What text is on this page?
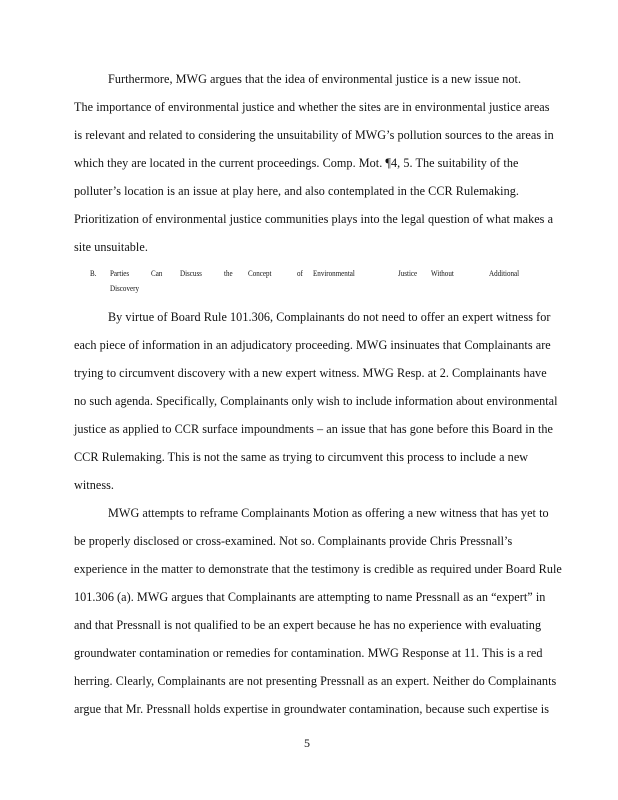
Furthermore, MWG argues that the idea of environmental justice is a new issue not.
The importance of environmental justice and whether the sites are in environmental justice areas
is relevant and related to considering the unsuitability of MWG’s pollution sources to the areas in
which they are located in the current proceedings. Comp. Mot. ¶4, 5. The suitability of the
polluter’s location is an issue at play here, and also contemplated in the CCR Rulemaking.
Prioritization of environmental justice communities plays into the legal question of what makes a
site unsuitable.
B. Parties	Can Discuss	the Concept	of Environmental	Justice Without	Additional
Discovery
By virtue of Board Rule 101.306, Complainants do not need to offer an expert witness for
each piece of information in an adjudicatory proceeding. MWG insinuates that Complainants are
trying to circumvent discovery with a new expert witness. MWG Resp. at 2. Complainants have
no such agenda. Specifically, Complainants only wish to include information about environmental
justice as applied to CCR surface impoundments – an issue that has gone before this Board in the
CCR Rulemaking. This is not the same as trying to circumvent this process to include a new
witness.
MWG attempts to reframe Complainants Motion as offering a new witness that has yet to
be properly disclosed or cross-examined. Not so. Complainants provide Chris Pressnall’s
experience in the matter to demonstrate that the testimony is credible as required under Board Rule
101.306 (a). MWG argues that Complainants are attempting to name Pressnall as an “expert” in
and that Pressnall is not qualified to be an expert because he has no experience with evaluating
groundwater contamination or remedies for contamination. MWG Response at 11. This is a red
herring. Clearly, Complainants are not presenting Pressnall as an expert. Neither do Complainants
argue that Mr. Pressnall holds expertise in groundwater contamination, because such expertise is
5
